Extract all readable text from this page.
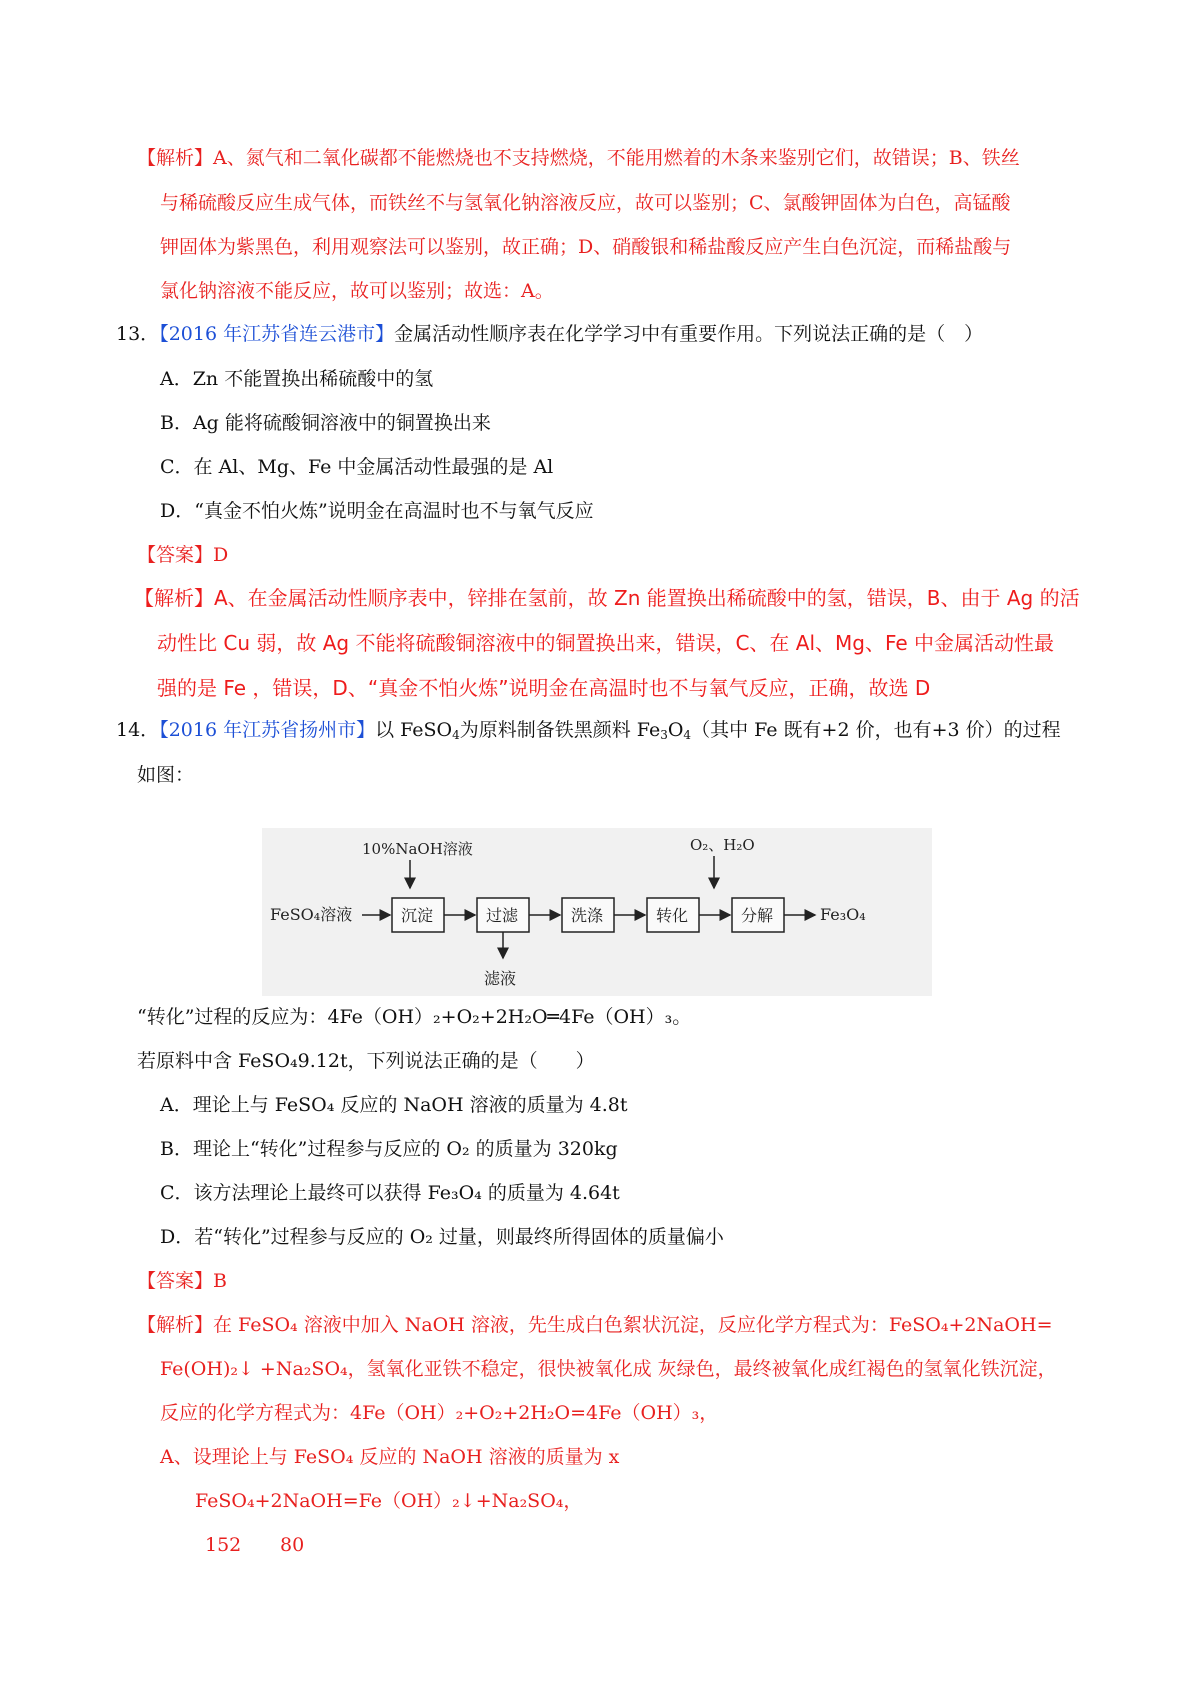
【解析】A、氮气和二氧化碳都不能燃烧也不支持燃烧，不能用燃着的木条来鉴别它们，故错误；B、铁丝
与稀硫酸反应生成气体，而铁丝不与氢氧化钠溶液反应，故可以鉴别；C、氯酸钾固体为白色，高锰酸
钾固体为紫黑色，利用观察法可以鉴别，故正确；D、硝酸银和稀盐酸反应产生白色沉淀，而稀盐酸与
氯化钠溶液不能反应，故可以鉴别；故选：A。
13．【2016 年江苏省连云港市】金属活动性顺序表在化学学习中有重要作用。下列说法正确的是（　）
A．Zn 不能置换出稀硫酸中的氢
B．Ag 能将硫酸铜溶液中的铜置换出来
C．在 Al、Mg、Fe 中金属活动性最强的是 Al
D．“真金不怕火炼”说明金在高温时也不与氧气反应
【答案】D
【解析】A、在金属活动性顺序表中，锌排在氢前，故 Zn 能置换出稀硫酸中的氢，错误，B、由于 Ag 的活
动性比 Cu 弱，故 Ag 不能将硫酸铜溶液中的铜置换出来，错误，C、在 Al、Mg、Fe 中金属活动性最
强的是 Fe ，错误，D、“真金不怕火炼”说明金在高温时也不与氧气反应，正确，故选 D
14．【2016 年江苏省扬州市】以 FeSO$_4$为原料制备铁黑颜料 $Fe_3O_4$（其中 Fe 既有+2 价，也有+3 价）的过程
如图：
10%NaOH溶液	O₂、H₂O
FeSO₄溶液	沉淀	过滤
滤液
洗涤	转化	分解	Fe₃O₄
“转化”过程的反应为：4Fe（OH）₂+O₂+2H₂O═4Fe（OH）₃。
若原料中含 FeSO₄9.12t，下列说法正确的是（　　）
A．理论上与 FeSO₄ 反应的 NaOH 溶液的质量为 4.8t
B．理论上“转化”过程参与反应的 O₂ 的质量为 320kg
C．该方法理论上最终可以获得 Fe₃O₄ 的质量为 4.64t
D．若“转化”过程参与反应的 O₂ 过量，则最终所得固体的质量偏小
【答案】B
【解析】在 FeSO₄ 溶液中加入 NaOH 溶液，先生成白色絮状沉淀，反应化学方程式为：FeSO₄+2NaOH=
Fe(OH)₂↓ +Na₂SO₄，氢氧化亚铁不稳定，很快被氧化成 灰绿色，最终被氧化成红褐色的氢氧化铁沉淀，
反应的化学方程式为：4Fe（OH）₂+O₂+2H₂O=4Fe（OH）₃，
A、设理论上与 FeSO₄ 反应的 NaOH 溶液的质量为 x
FeSO₄+2NaOH=Fe（OH）₂↓+Na₂SO₄，
152 80
